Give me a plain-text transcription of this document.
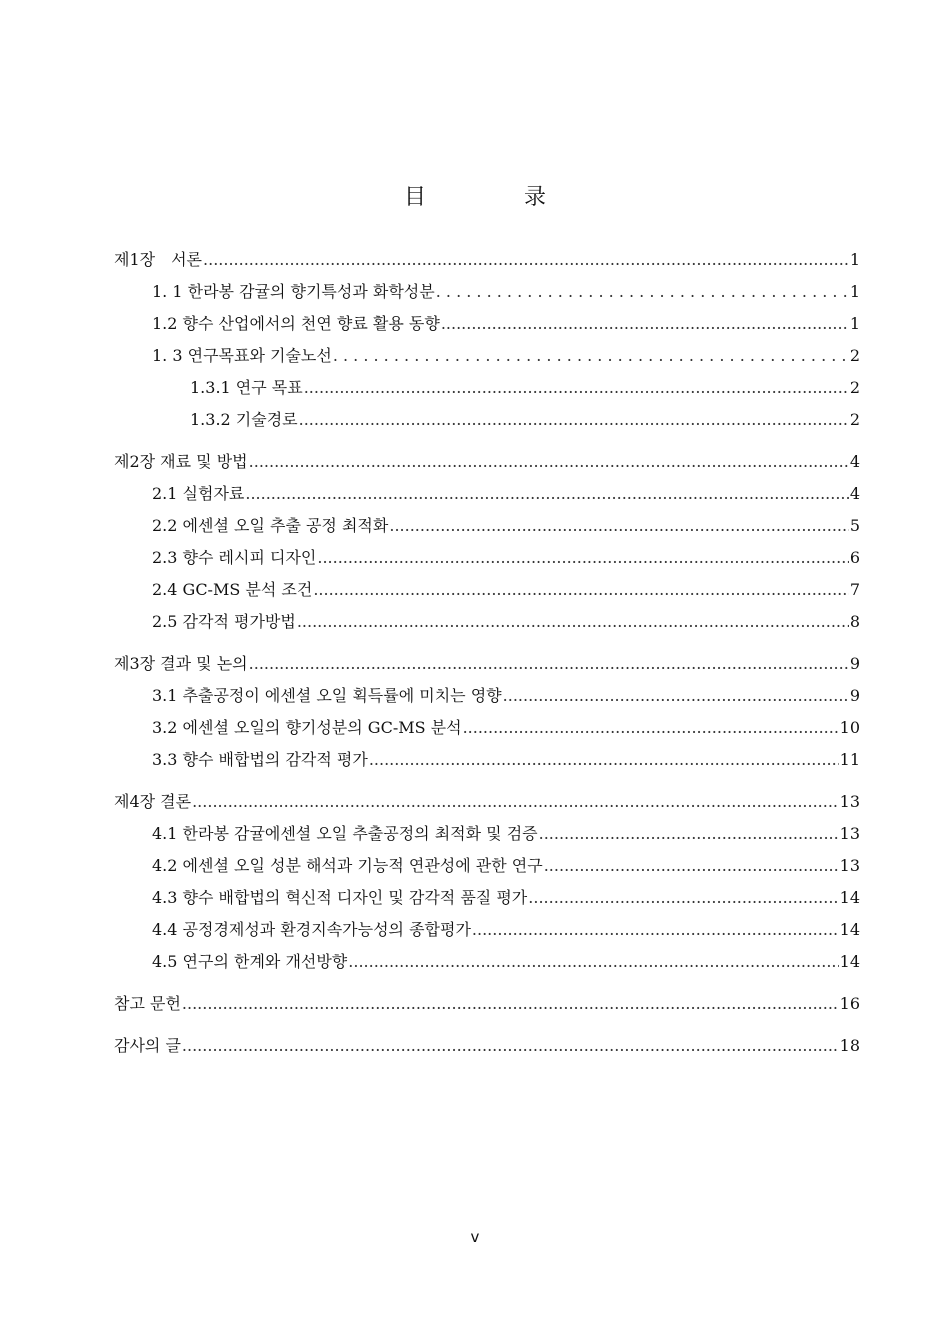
目　录
제1장　서론 .....	1
1. 1 한라봉 감귤의 향기특성과 화학성분 . . .	1
1.2 향수 산업에서의 천연 향료 활용 동향 .....	1
1. 3 연구목표와 기술노선 . . .	2
1.3.1 연구 목표 .....	2
1.3.2 기술경로 .....	2
제2장 재료 및 방법 .....	4
2.1 실험자료 .....	4
2.2 에센셜 오일 추출 공정 최적화 .....	5
2.3 향수 레시피 디자인 .....	6
2.4 GC-MS 분석 조건 .....	7
2.5 감각적 평가방법 .....	8
제3장 결과 및 논의 .....	9
3.1 추출공정이 에센셜 오일 획득률에 미치는 영향 .....	9
3.2 에센셜 오일의 향기성분의 GC-MS 분석 .....	10
3.3 향수 배합법의 감각적 평가 .....	11
제4장 결론 .....	13
4.1 한라봉 감귤에센셜 오일 추출공정의 최적화 및 검증 .....	13
4.2 에센셜 오일 성분 해석과 기능적 연관성에 관한 연구 .....	13
4.3 향수 배합법의 혁신적 디자인 및 감각적 품질 평가 .....	14
4.4 공정경제성과 환경지속가능성의 종합평가 .....	14
4.5 연구의 한계와 개선방향 .....	14
참고 문헌 .....	16
감사의 글 .....	18
v
